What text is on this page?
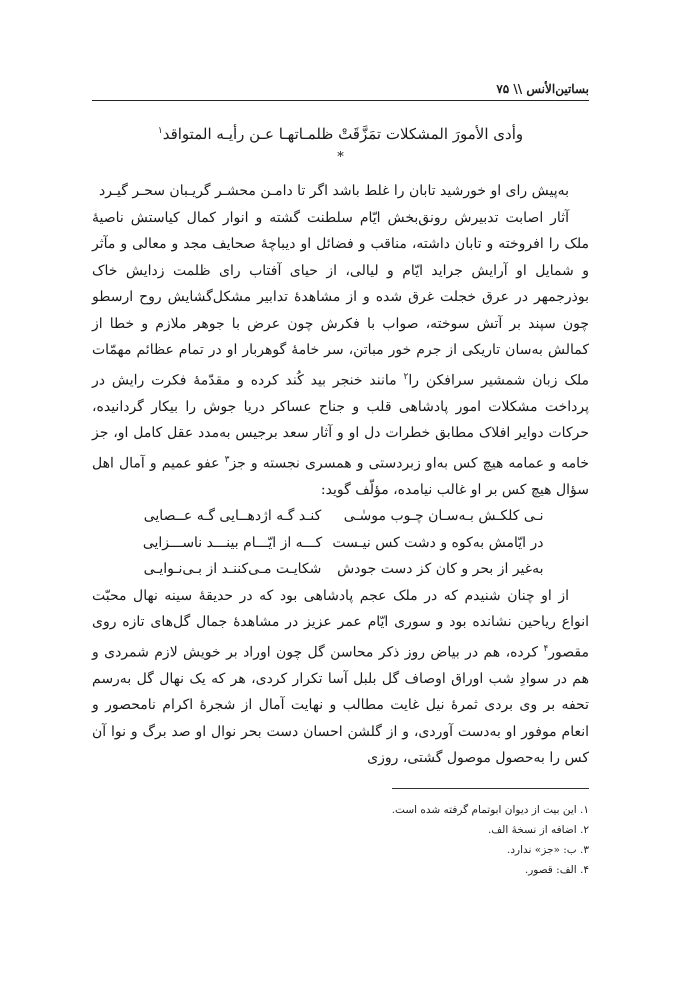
بساتین‌الأنس \\ ۷۵
وأدی الأمورَ المشکلات تمَزَّقَتْ ظلمـاتهـا عـن رأیـه المتواقد$^۱$
*

به‌پیش رای او خورشید تابان را غلط باشد اگر تا دامـن محشـر گریـبان سحـر گیـرد

آثار اصابت تدبیرش رونق‌بخش ایّام سلطنت گشته و انوار کمال کیاستش ناصیهٔ ملک را افروخته و تابان داشته، مناقب و فضائل او دیباچهٔ صحایف مجد و معالی و مآثر و شمایل او آرایش جراید ایّام و لیالی، از حیای آفتاب رای ظلمت زدایش خاک بوذرجمهر در عرق خجلت غرق شده و از مشاهدهٔ تدابیر مشکل‌گشایش روح ارسطو چون سپند بر آتش سوخته، صواب با فکرش چون عرض با جوهر ملازم و خطا از کمالش به‌سان تاریکی از جرم خور مباتن، سر خامهٔ گوهربار او در تمام عظائم مهمّات ملک زبان شمشیر سرافکن را$^۲$ مانند خنجر بید کُند کرده و مقدّمهٔ فکرت رایش در پرداخت مشکلات امور پادشاهی قلب و جناح عساکر دریا جوش را بیکار گردانیده، حرکات دوایر افلاک مطابق خطرات دل او و آثار سعد برجیس به‌مدد عقل کامل او، جز خامه و عمامه هیچ کس به‌او زبردستی و همسری نجسته و جز$^۳$ عفو عمیم و آمال اهل سؤال هیچ کس بر او غالب نیامده، مؤلّف گوید:

نـی کلکـش بـه‌سـان چـوب موسٰـی
کنـد گـه اژدهــایی گـه عــصایی
در ایّامش به‌کوه و دشت کس نیـست
کـــه از ایّـــام بینـــد ناســـزایی
به‌غیر از بحر و کان کز دست جودش
شکایـت مـی‌کننـد از بـی‌نـوایـی

از او چنان شنیدم که در ملک عجم پادشاهی بود که در حدیقهٔ سینه نهال محبّت انواع ریاحین نشانده بود و سوری ایّام عمر عزیز در مشاهدهٔ جمال گل‌های تازه روی مقصور$^۴$ کرده، هم در بیاض روز ذکر محاسن گل چون اوراد بر خویش لازم شمردی و هم در سوادِ شب اوراق اوصاف گل بلبل آسا تکرار کردی، هر که یک نهال گل به‌رسم تحفه بر وی بردی ثمرهٔ نیل غایت مطالب و نهایت آمال از شجرهٔ اکرام نامحصور و انعام موفور او به‌دست آوردی، و از گلشن احسان دست بحر نوال او صد برگ و نوا آن کس را به‌حصول موصول گشتی، روزی

۱. این بیت از دیوان ابوتمام گرفته شده است.

۲. اضافه از نسخهٔ الف.

۳. ب: «جز» ندارد.

۴. الف: قصور.
